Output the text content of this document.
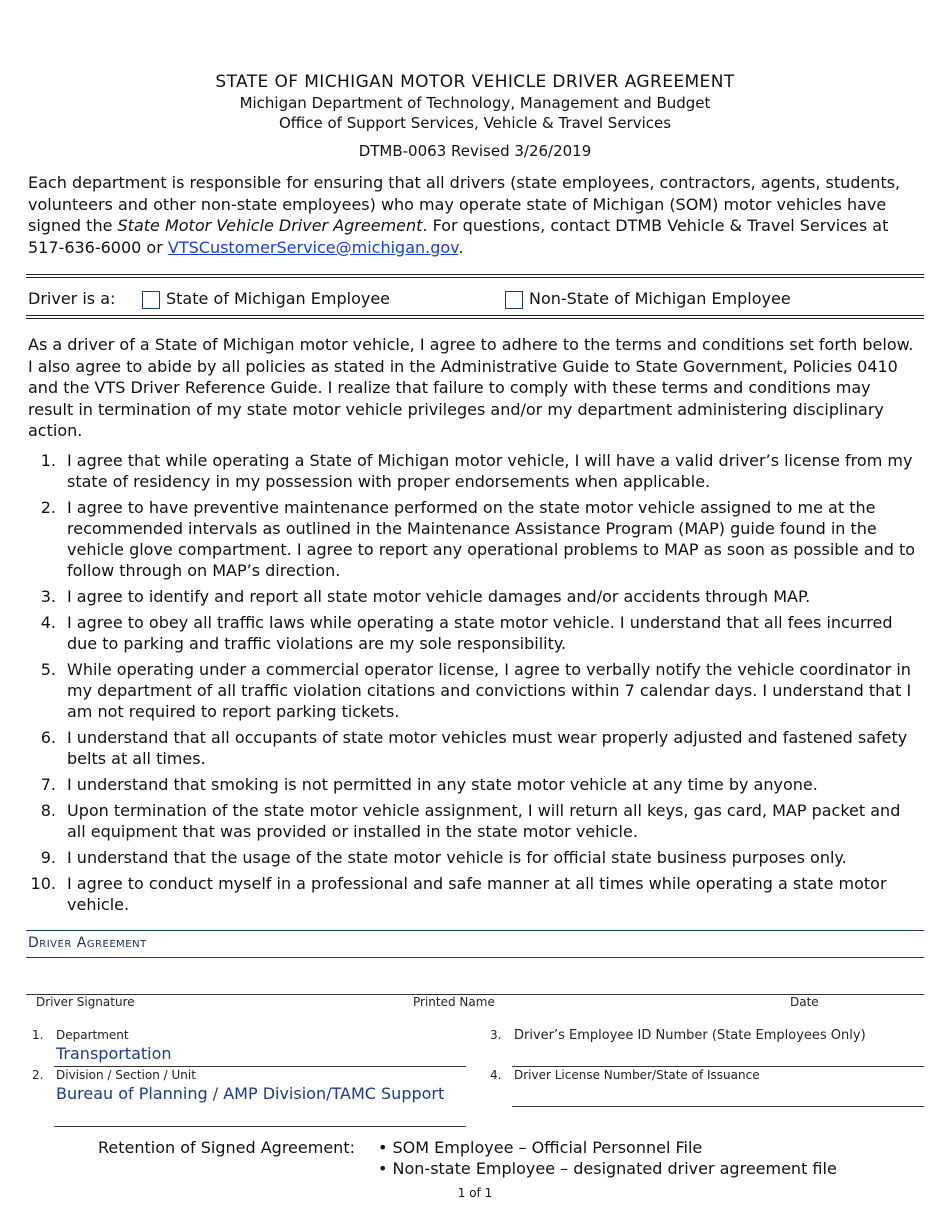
STATE OF MICHIGAN MOTOR VEHICLE DRIVER AGREEMENT
Michigan Department of Technology, Management and Budget
Office of Support Services, Vehicle & Travel Services
DTMB-0063 Revised 3/26/2019
Each department is responsible for ensuring that all drivers (state employees, contractors, agents, students, volunteers and other non-state employees) who may operate state of Michigan (SOM) motor vehicles have signed the State Motor Vehicle Driver Agreement. For questions, contact DTMB Vehicle & Travel Services at 517-636-6000 or VTSCustomerService@michigan.gov.
Driver is a:	State of Michigan Employee	Non-State of Michigan Employee
As a driver of a State of Michigan motor vehicle, I agree to adhere to the terms and conditions set forth below. I also agree to abide by all policies as stated in the Administrative Guide to State Government, Policies 0410 and the VTS Driver Reference Guide. I realize that failure to comply with these terms and conditions may result in termination of my state motor vehicle privileges and/or my department administering disciplinary action.
1. I agree that while operating a State of Michigan motor vehicle, I will have a valid driver’s license from my state of residency in my possession with proper endorsements when applicable.
2. I agree to have preventive maintenance performed on the state motor vehicle assigned to me at the recommended intervals as outlined in the Maintenance Assistance Program (MAP) guide found in the vehicle glove compartment. I agree to report any operational problems to MAP as soon as possible and to follow through on MAP’s direction.
3. I agree to identify and report all state motor vehicle damages and/or accidents through MAP.
4. I agree to obey all traffic laws while operating a state motor vehicle. I understand that all fees incurred due to parking and traffic violations are my sole responsibility.
5. While operating under a commercial operator license, I agree to verbally notify the vehicle coordinator in my department of all traffic violation citations and convictions within 7 calendar days. I understand that I am not required to report parking tickets.
6. I understand that all occupants of state motor vehicles must wear properly adjusted and fastened safety belts at all times.
7. I understand that smoking is not permitted in any state motor vehicle at any time by anyone.
8. Upon termination of the state motor vehicle assignment, I will return all keys, gas card, MAP packet and all equipment that was provided or installed in the state motor vehicle.
9. I understand that the usage of the state motor vehicle is for official state business purposes only.
10. I agree to conduct myself in a professional and safe manner at all times while operating a state motor vehicle.
Driver Agreement
Driver Signature	Printed Name	Date
1. Department
Transportation
2. Division / Section / Unit
Bureau of Planning / AMP Division/TAMC Support
3. Driver’s Employee ID Number (State Employees Only)
4. Driver License Number/State of Issuance
Retention of Signed Agreement: • SOM Employee – Official Personnel File
• Non-state Employee – designated driver agreement file
1 of 1
